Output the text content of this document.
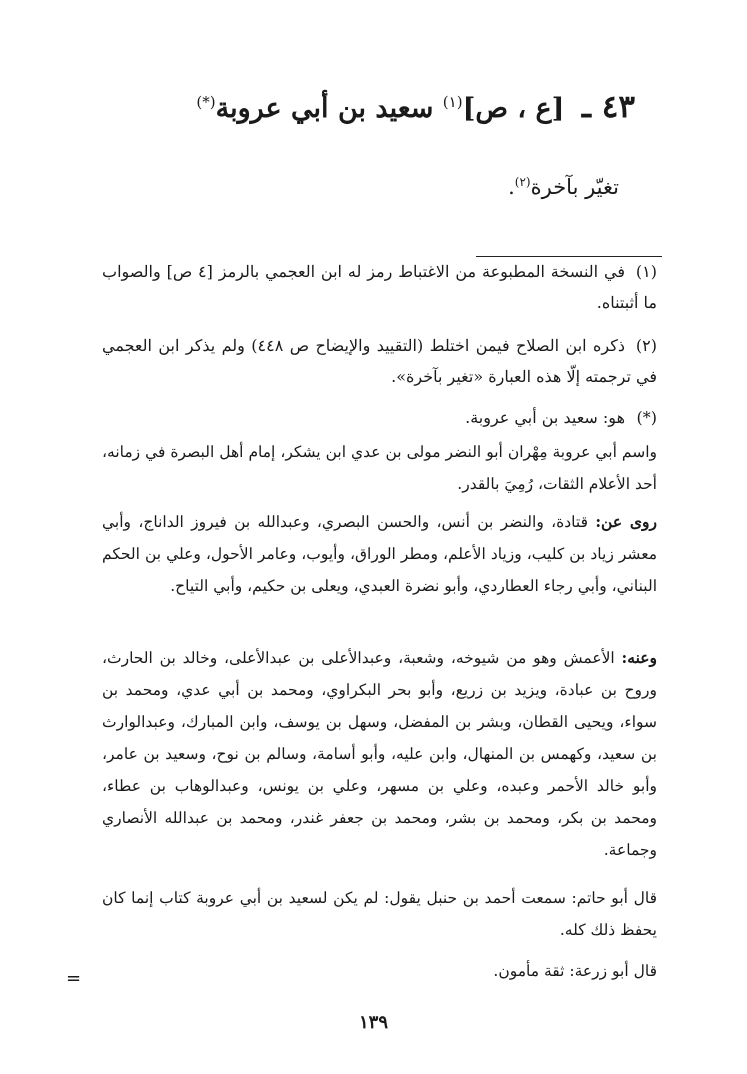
٤٣ ـ [ع ، ص]$^{(١)}$ سعيد بن أبي عروبة(*)
تغيّر بآخرة$^{(٢)}$.
(١)في النسخة المطبوعة من الاغتباط رمز له ابن العجمي بالرمز [٤ ص] والصواب ما أثبتناه.
(٢)ذكره ابن الصلاح فيمن اختلط (التقييد والإيضاح ص ٤٤٨) ولم يذكر ابن العجمي في ترجمته إلّا هذه العبارة «تغير بآخرة».
(*)هو: سعيد بن أبي عروبة.
واسم أبي عروبة مِهْران أبو النضر مولى بن عدي ابن يشكر، إمام أهل البصرة في زمانه، أحد الأعلام الثقات، رُمِيَ بالقدر.
روى عن: قتادة، والنضر بن أنس، والحسن البصري، وعبدالله بن فيروز الداناج، وأبي معشر زياد بن كليب، وزياد الأعلم، ومطر الوراق، وأيوب، وعامر الأحول، وعلي بن الحكم البناني، وأبي رجاء العطاردي، وأبو نضرة العبدي، ويعلى بن حكيم، وأبي التياح.
وعنه: الأعمش وهو من شيوخه، وشعبة، وعبدالأعلى بن عبدالأعلى، وخالد بن الحارث، وروح بن عبادة، ويزيد بن زريع، وأبو بحر البكراوي، ومحمد بن أبي عدي، ومحمد بن سواء، ويحيى القطان، وبشر بن المفضل، وسهل بن يوسف، وابن المبارك، وعبدالوارث بن سعيد، وكهمس بن المنهال، وابن عليه، وأبو أسامة، وسالم بن نوح، وسعيد بن عامر، وأبو خالد الأحمر وعبده، وعلي بن مسهر، وعلي بن يونس، وعبدالوهاب بن عطاء، ومحمد بن بكر، ومحمد بن بشر، ومحمد بن جعفر غندر، ومحمد بن عبدالله الأنصاري وجماعة.
قال أبو حاتم: سمعت أحمد بن حنبل يقول: لم يكن لسعيد بن أبي عروبة كتاب إنما كان يحفظ ذلك كله.
قال أبو زرعة: ثقة مأمون.
=
١٣٩
